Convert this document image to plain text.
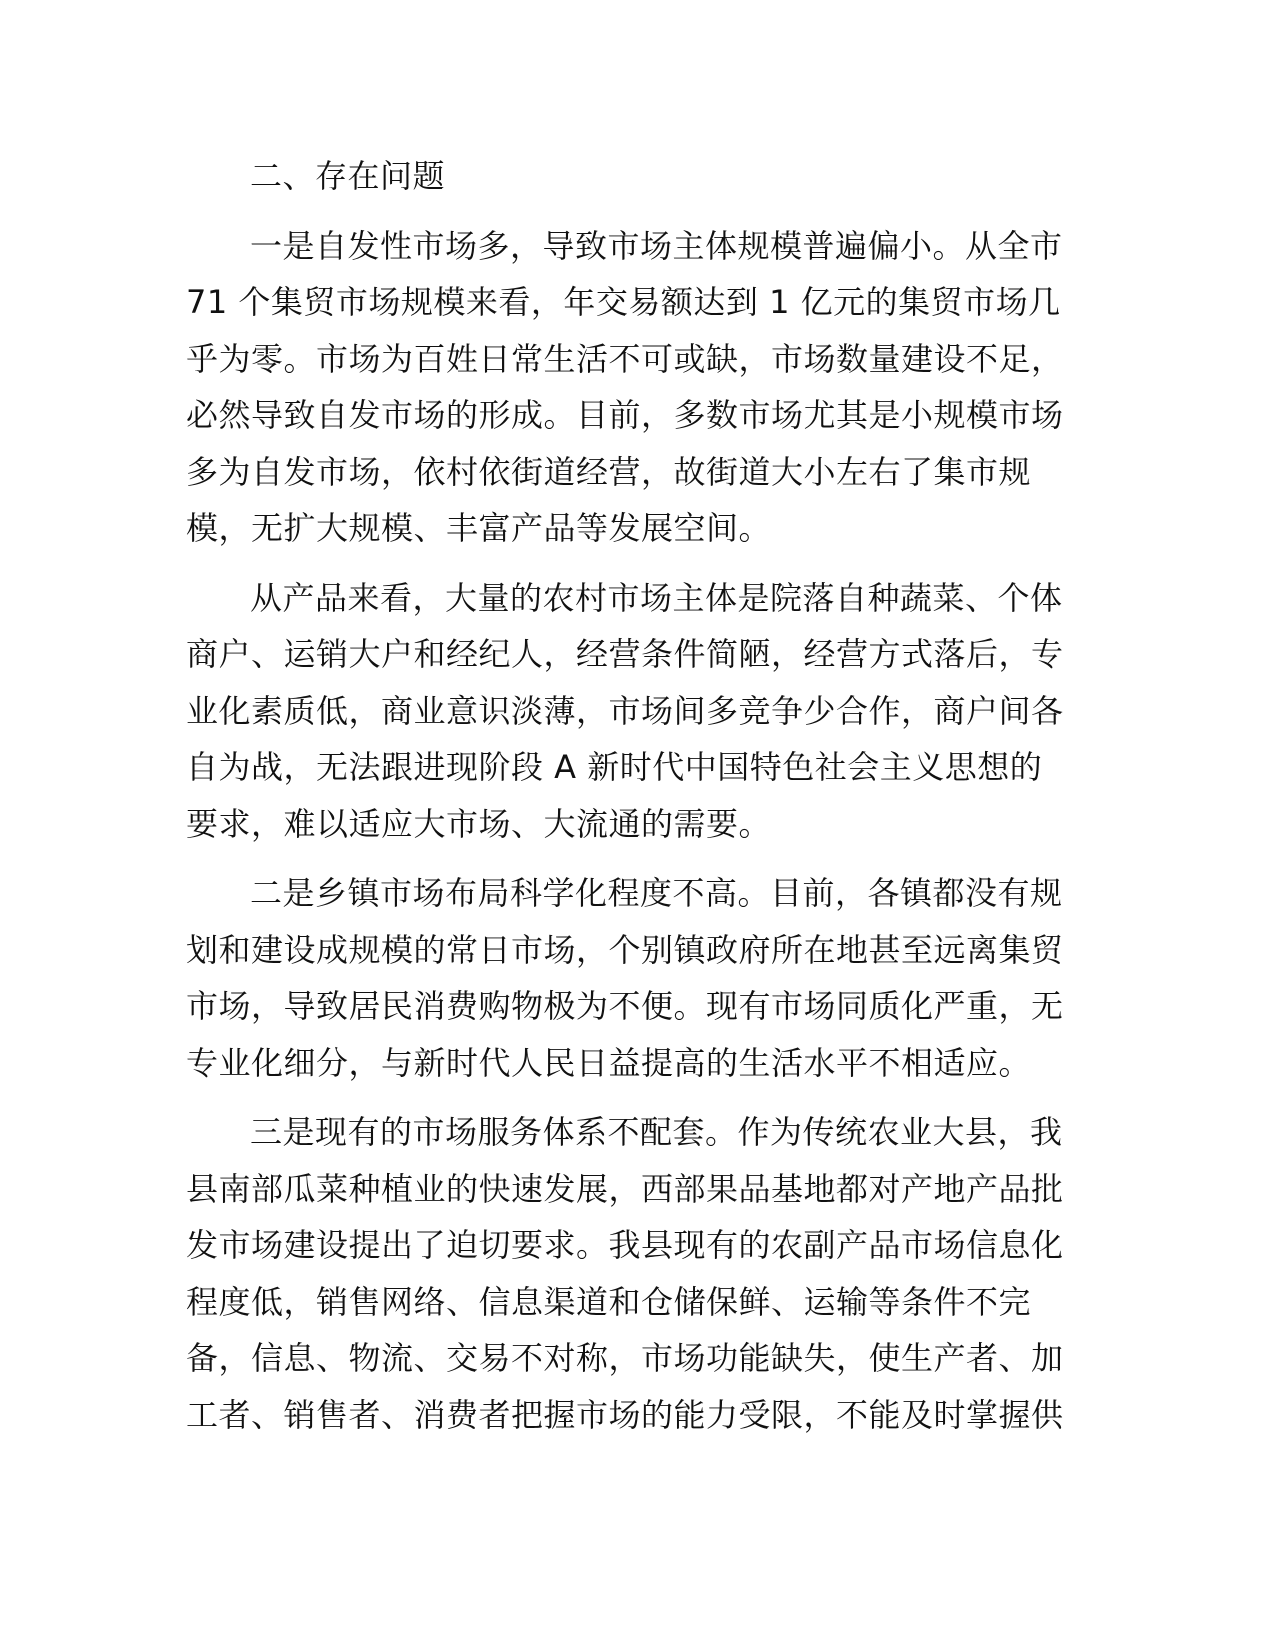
二、存在问题

一是自发性市场多，导致市场主体规模普遍偏小。从全市
71 个集贸市场规模来看，年交易额达到 1 亿元的集贸市场几
乎为零。市场为百姓日常生活不可或缺，市场数量建设不足，
必然导致自发市场的形成。目前，多数市场尤其是小规模市场
多为自发市场，依村依街道经营，故街道大小左右了集市规
模，无扩大规模、丰富产品等发展空间。
从产品来看，大量的农村市场主体是院落自种蔬菜、个体
商户、运销大户和经纪人，经营条件简陋，经营方式落后，专
业化素质低，商业意识淡薄，市场间多竞争少合作，商户间各
自为战，无法跟进现阶段 A 新时代中国特色社会主义思想的
要求，难以适应大市场、大流通的需要。
二是乡镇市场布局科学化程度不高。目前，各镇都没有规
划和建设成规模的常日市场，个别镇政府所在地甚至远离集贸
市场，导致居民消费购物极为不便。现有市场同质化严重，无
专业化细分，与新时代人民日益提高的生活水平不相适应。
三是现有的市场服务体系不配套。作为传统农业大县，我
县南部瓜菜种植业的快速发展，西部果品基地都对产地产品批
发市场建设提出了迫切要求。我县现有的农副产品市场信息化
程度低，销售网络、信息渠道和仓储保鲜、运输等条件不完
备，信息、物流、交易不对称，市场功能缺失，使生产者、加
工者、销售者、消费者把握市场的能力受限，不能及时掌握供
